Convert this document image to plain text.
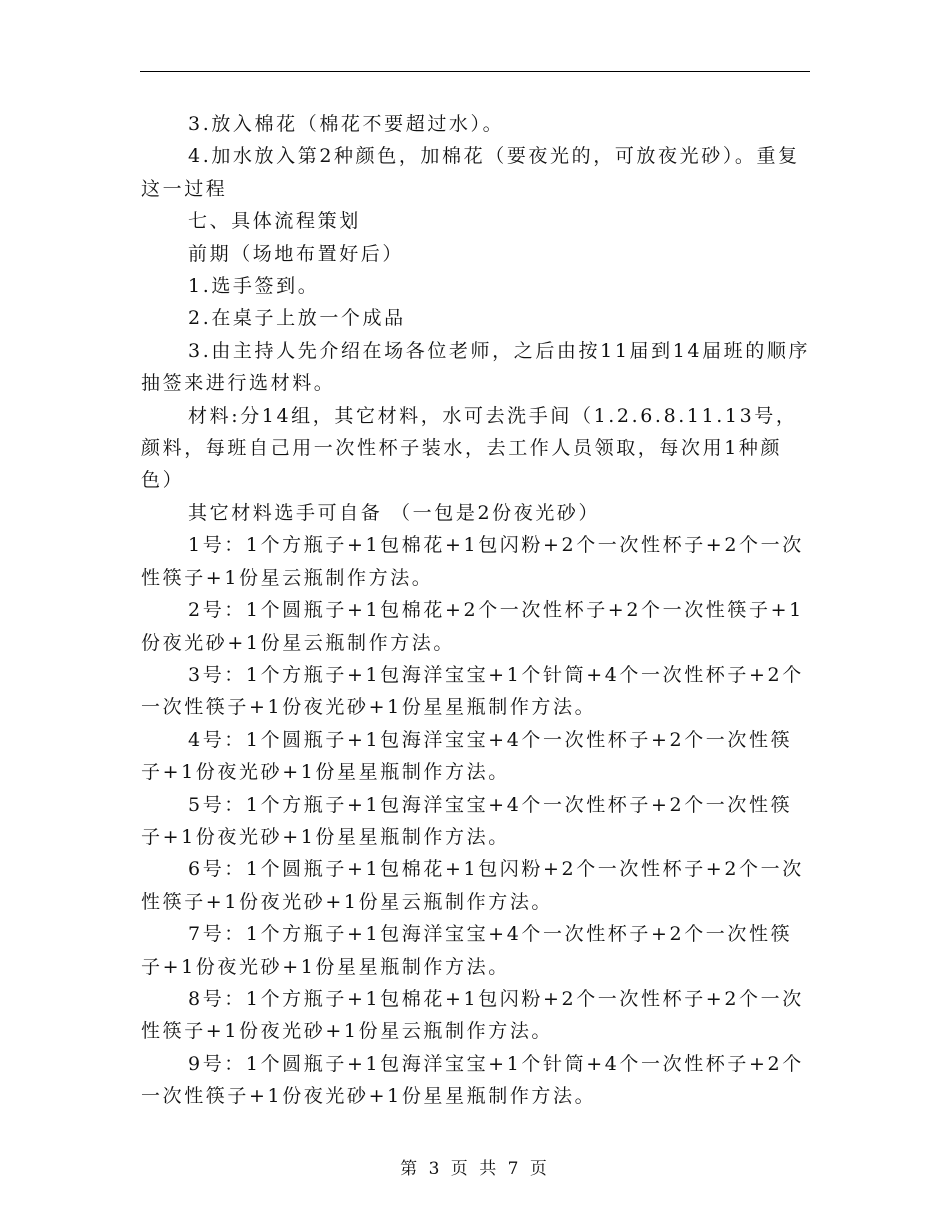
3.放入棉花（棉花不要超过水）。

4.加水放入第2种颜色，加棉花（要夜光的，可放夜光砂）。重复这一过程

七、具体流程策划

前期（场地布置好后）

1.选手签到。

2.在桌子上放一个成品

3.由主持人先介绍在场各位老师，之后由按11届到14届班的顺序抽签来进行选材料。

材料:分14组，其它材料，水可去洗手间（1.2.6.8.11.13号，颜料，每班自己用一次性杯子装水，去工作人员领取，每次用1种颜色）

其它材料选手可自备 （一包是2份夜光砂）

1号：1个方瓶子+1包棉花+1包闪粉+2个一次性杯子+2个一次性筷子+1份星云瓶制作方法。

2号：1个圆瓶子+1包棉花+2个一次性杯子+2个一次性筷子+1份夜光砂+1份星云瓶制作方法。

3号：1个方瓶子+1包海洋宝宝+1个针筒+4个一次性杯子+2个一次性筷子+1份夜光砂+1份星星瓶制作方法。

4号：1个圆瓶子+1包海洋宝宝+4个一次性杯子+2个一次性筷子+1份夜光砂+1份星星瓶制作方法。

5号：1个方瓶子+1包海洋宝宝+4个一次性杯子+2个一次性筷子+1份夜光砂+1份星星瓶制作方法。

6号：1个圆瓶子+1包棉花+1包闪粉+2个一次性杯子+2个一次性筷子+1份夜光砂+1份星云瓶制作方法。

7号：1个方瓶子+1包海洋宝宝+4个一次性杯子+2个一次性筷子+1份夜光砂+1份星星瓶制作方法。

8号：1个方瓶子+1包棉花+1包闪粉+2个一次性杯子+2个一次性筷子+1份夜光砂+1份星云瓶制作方法。

9号：1个圆瓶子+1包海洋宝宝+1个针筒+4个一次性杯子+2个一次性筷子+1份夜光砂+1份星星瓶制作方法。

第 3 页 共 7 页
